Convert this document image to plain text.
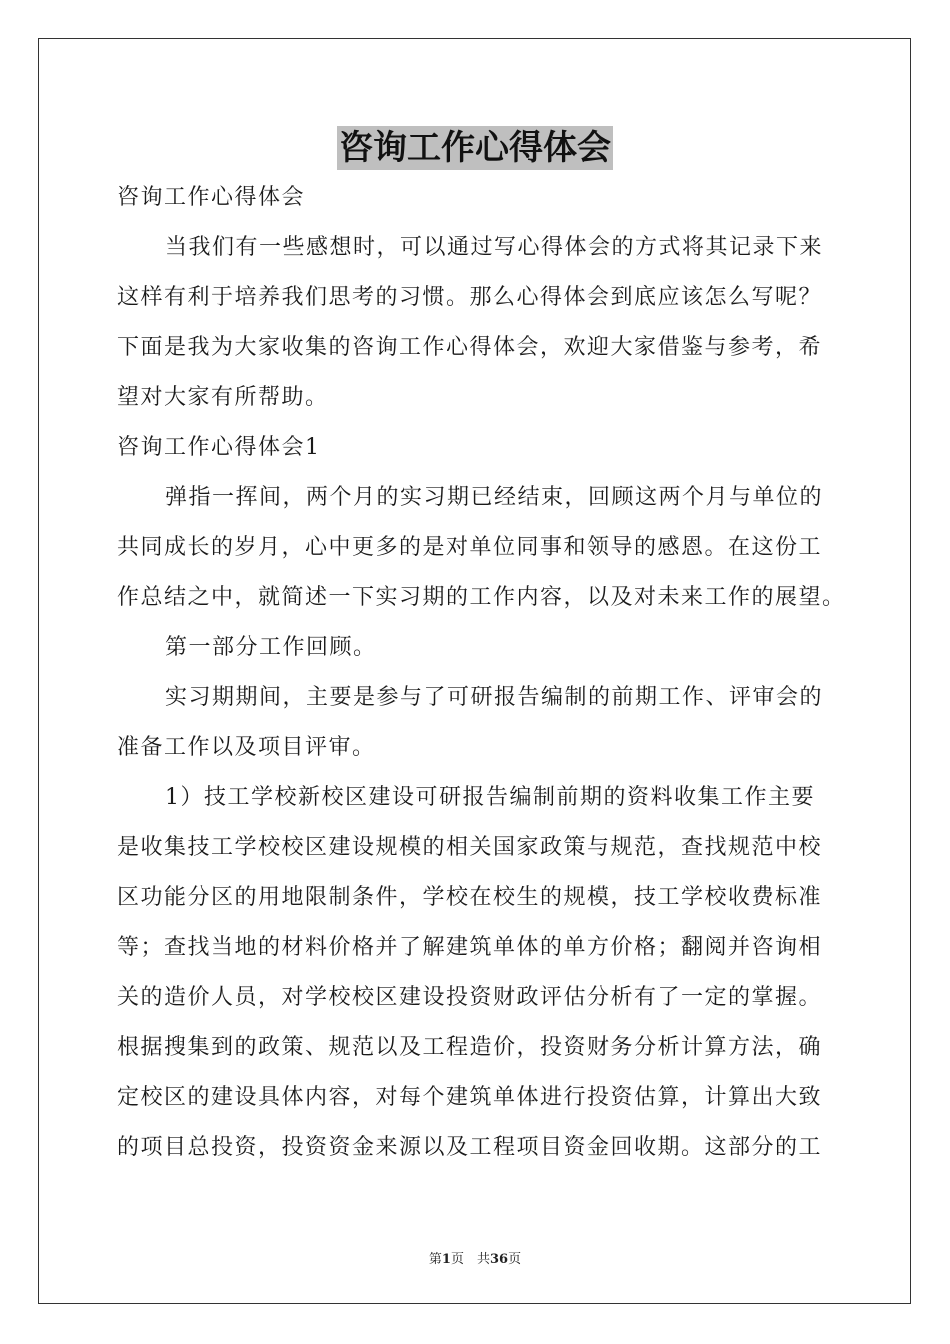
咨询工作心得体会
咨询工作心得体会
当我们有一些感想时，可以通过写心得体会的方式将其记录下来
这样有利于培养我们思考的习惯。那么心得体会到底应该怎么写呢？
下面是我为大家收集的咨询工作心得体会，欢迎大家借鉴与参考，希
望对大家有所帮助。
咨询工作心得体会1
弹指一挥间，两个月的实习期已经结束，回顾这两个月与单位的
共同成长的岁月，心中更多的是对单位同事和领导的感恩。在这份工
作总结之中，就简述一下实习期的工作内容，以及对未来工作的展望。
第一部分工作回顾。
实习期期间，主要是参与了可研报告编制的前期工作、评审会的
准备工作以及项目评审。
1）技工学校新校区建设可研报告编制前期的资料收集工作主要
是收集技工学校校区建设规模的相关国家政策与规范，查找规范中校
区功能分区的用地限制条件，学校在校生的规模，技工学校收费标准
等；查找当地的材料价格并了解建筑单体的单方价格；翻阅并咨询相
关的造价人员，对学校校区建设投资财政评估分析有了一定的掌握。
根据搜集到的政策、规范以及工程造价，投资财务分析计算方法，确
定校区的建设具体内容，对每个建筑单体进行投资估算，计算出大致
的项目总投资，投资资金来源以及工程项目资金回收期。这部分的工
第1页　共36页
